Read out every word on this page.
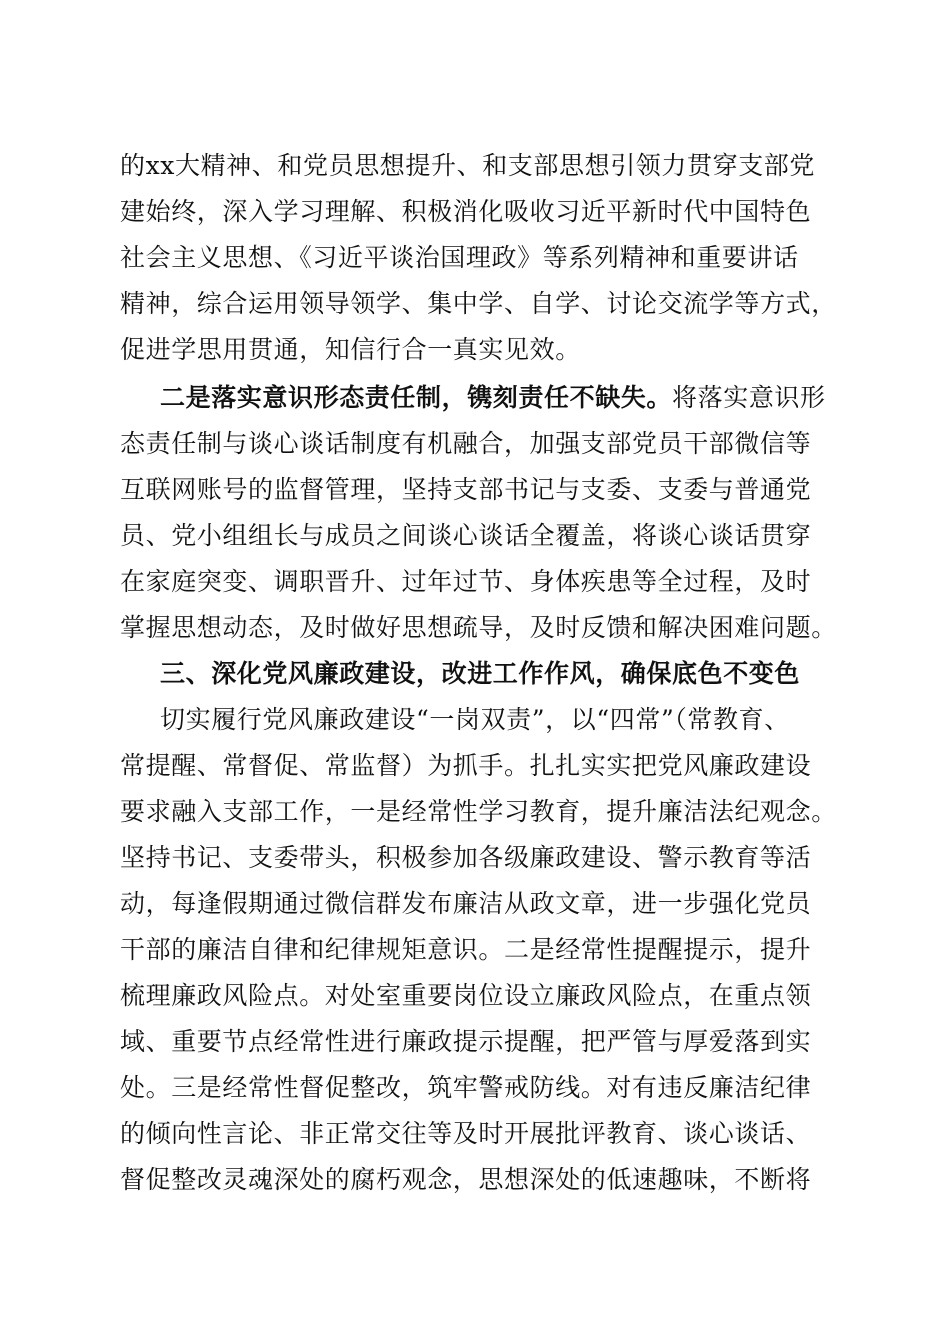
的xx大精神、和党员思想提升、和支部思想引领力贯穿支部党
建始终，深入学习理解、积极消化吸收习近平新时代中国特色
社会主义思想、《习近平谈治国理政》等系列精神和重要讲话
精神，综合运用领导领学、集中学、自学、讨论交流学等方式，
促进学思用贯通，知信行合一真实见效。
二是落实意识形态责任制，镌刻责任不缺失。将落实意识形
态责任制与谈心谈话制度有机融合，加强支部党员干部微信等
互联网账号的监督管理，坚持支部书记与支委、支委与普通党
员、党小组组长与成员之间谈心谈话全覆盖，将谈心谈话贯穿
在家庭突变、调职晋升、过年过节、身体疾患等全过程，及时
掌握思想动态，及时做好思想疏导，及时反馈和解决困难问题。
三、深化党风廉政建设，改进工作作风，确保底色不变色
切实履行党风廉政建设“一岗双责”，以“四常”（常教育、
常提醒、常督促、常监督）为抓手。扎扎实实把党风廉政建设
要求融入支部工作，一是经常性学习教育，提升廉洁法纪观念。
坚持书记、支委带头，积极参加各级廉政建设、警示教育等活
动，每逢假期通过微信群发布廉洁从政文章，进一步强化党员
干部的廉洁自律和纪律规矩意识。二是经常性提醒提示，提升
梳理廉政风险点。对处室重要岗位设立廉政风险点，在重点领
域、重要节点经常性进行廉政提示提醒，把严管与厚爱落到实
处。三是经常性督促整改，筑牢警戒防线。对有违反廉洁纪律
的倾向性言论、非正常交往等及时开展批评教育、谈心谈话、
督促整改灵魂深处的腐朽观念，思想深处的低速趣味，不断将
